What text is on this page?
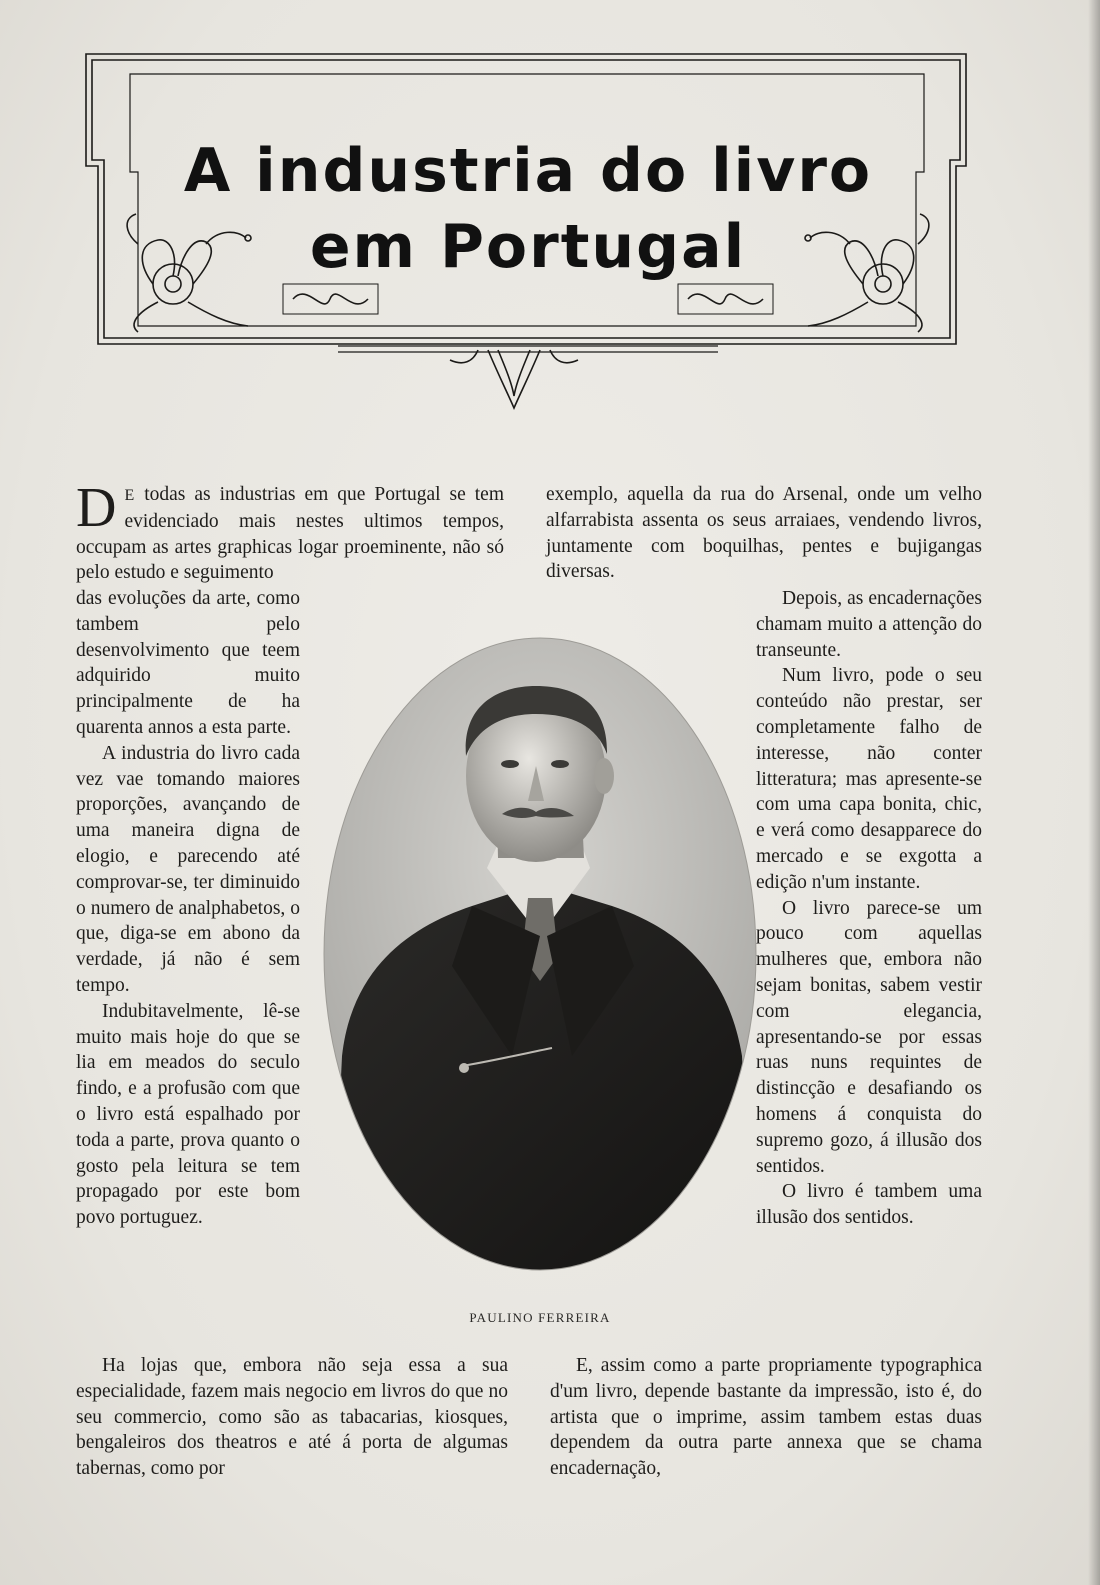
A industria do livro
em Portugal

D E todas as industrias em que Portugal se tem evidenciado mais nestes ultimos tempos, occupam as artes graphicas logar proeminente, não só pelo estudo e seguimento

das evoluções da arte, como tambem pelo desenvolvimento que teem adquirido muito principalmente de ha quarenta annos a esta parte.

A industria do livro cada vez vae tomando maiores proporções, avançando de uma maneira digna de elogio, e parecendo até comprovar-se, ter diminuido o numero de analphabetos, o que, diga-se em abono da verdade, já não é sem tempo.

Indubitavelmente, lê-se muito mais hoje do que se lia em meados do seculo findo, e a profusão com que o livro está espalhado por toda a parte, prova quanto o gosto pela leitura se tem propagado por este bom povo portuguez.

Ha lojas que, embora não seja essa a sua especialidade, fazem mais negocio em livros do que no seu commercio, como são as tabacarias, kiosques, bengaleiros dos theatros e até á porta de algumas tabernas, como por

exemplo, aquella da rua do Arsenal, onde um velho alfarrabista assenta os seus arraiaes, vendendo livros, juntamente com boquilhas, pentes e bujigangas diversas.

Depois, as encadernações chamam muito a attenção do transeunte.

Num livro, pode o seu conteúdo não prestar, ser completamente falho de interesse, não conter litteratura; mas apresente-se com uma capa bonita, chic, e verá como desapparece do mercado e se exgotta a edição n'um instante.

O livro parece-se um pouco com aquellas mulheres que, embora não sejam bonitas, sabem vestir com elegancia, apresentando-se por essas ruas nuns requintes de distincção e desafiando os homens á conquista do supremo gozo, á illusão dos sentidos.

O livro é tambem uma illusão dos sentidos.

E, assim como a parte propriamente typographica d'um livro, depende bastante da impressão, isto é, do artista que o imprime, assim tambem estas duas dependem da outra parte annexa que se chama encadernação,

PAULINO FERREIRA
